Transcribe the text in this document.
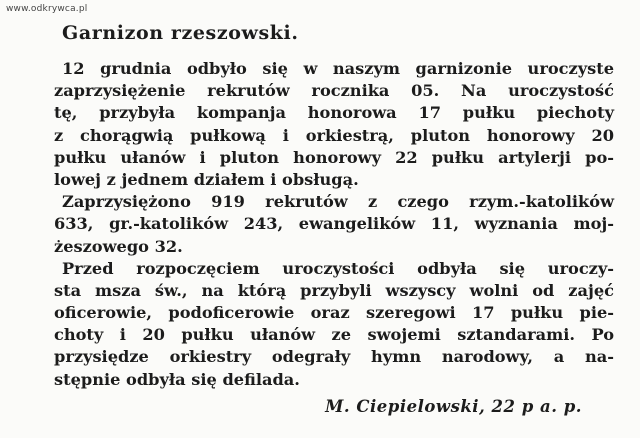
www.odkrywca.pl
Garnizon rzeszowski.
12 grudnia odbyło się w naszym garnizonie uroczyste
zaprzysiężenie rekrutów rocznika 05. Na uroczystość
tę, przybyła kompanja honorowa 17 pułku piechoty
z chorągwią pułkową i orkiestrą, pluton honorowy 20
pułku ułanów i pluton honorowy 22 pułku artylerji po-
lowej z jednem działem i obsługą.
Zaprzysiężono 919 rekrutów z czego rzym.-katolików
633, gr.-katolików 243, ewangelików 11, wyznania moj-
żeszowego 32.
Przed rozpoczęciem uroczystości odbyła się uroczy-
sta msza św., na którą przybyli wszyscy wolni od zajęć
oficerowie, podoficerowie oraz szeregowi 17 pułku pie-
choty i 20 pułku ułanów ze swojemi sztandarami. Po
przysiędze orkiestry odegrały hymn narodowy, a na-
stępnie odbyła się defilada.
M. Ciepielowski, 22 p a. p.
